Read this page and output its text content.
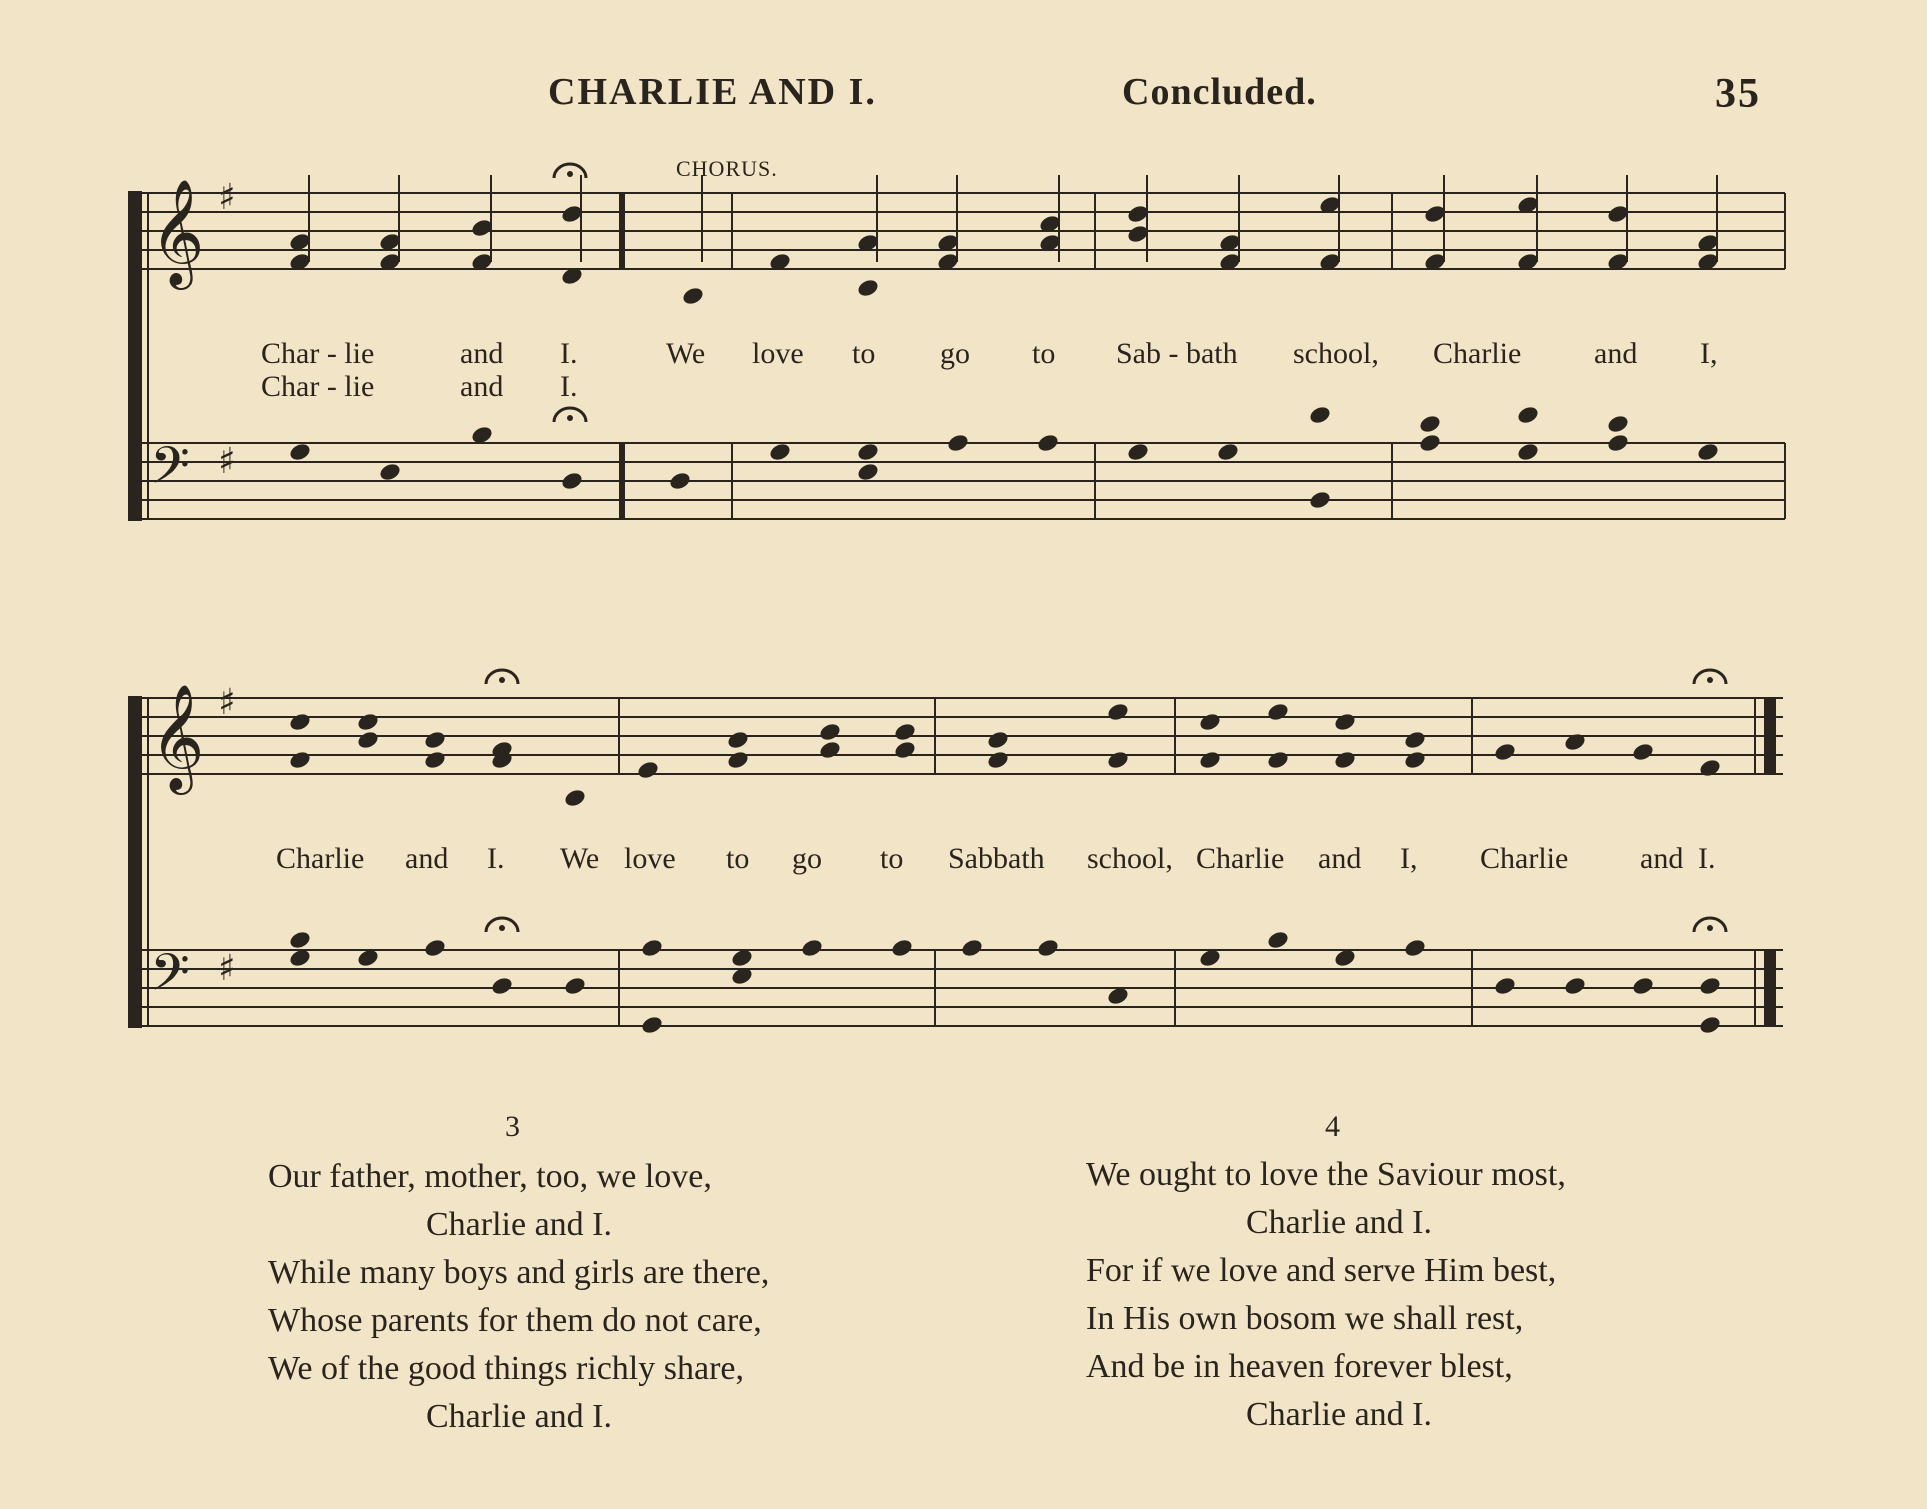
CHARLIE AND I.	Concluded.	35
𝄞
𝄢
♯
♯
𝄞
𝄢
♯
♯
CHORUS.
Char - lie	and I.	We love to go to Sab - bath school, Charlie and I,
Char - lie	and I.
Charlie and I. We love to go to Sabbath school, Charlie and I, Charlie and I.
3
Our father, mother, too, we love,
Charlie and I.
While many boys and girls are there,
Whose parents for them do not care,
We of the good things richly share,
Charlie and I.
4
We ought to love the Saviour most,
Charlie and I.
For if we love and serve Him best,
In His own bosom we shall rest,
And be in heaven forever blest,
Charlie and I.
